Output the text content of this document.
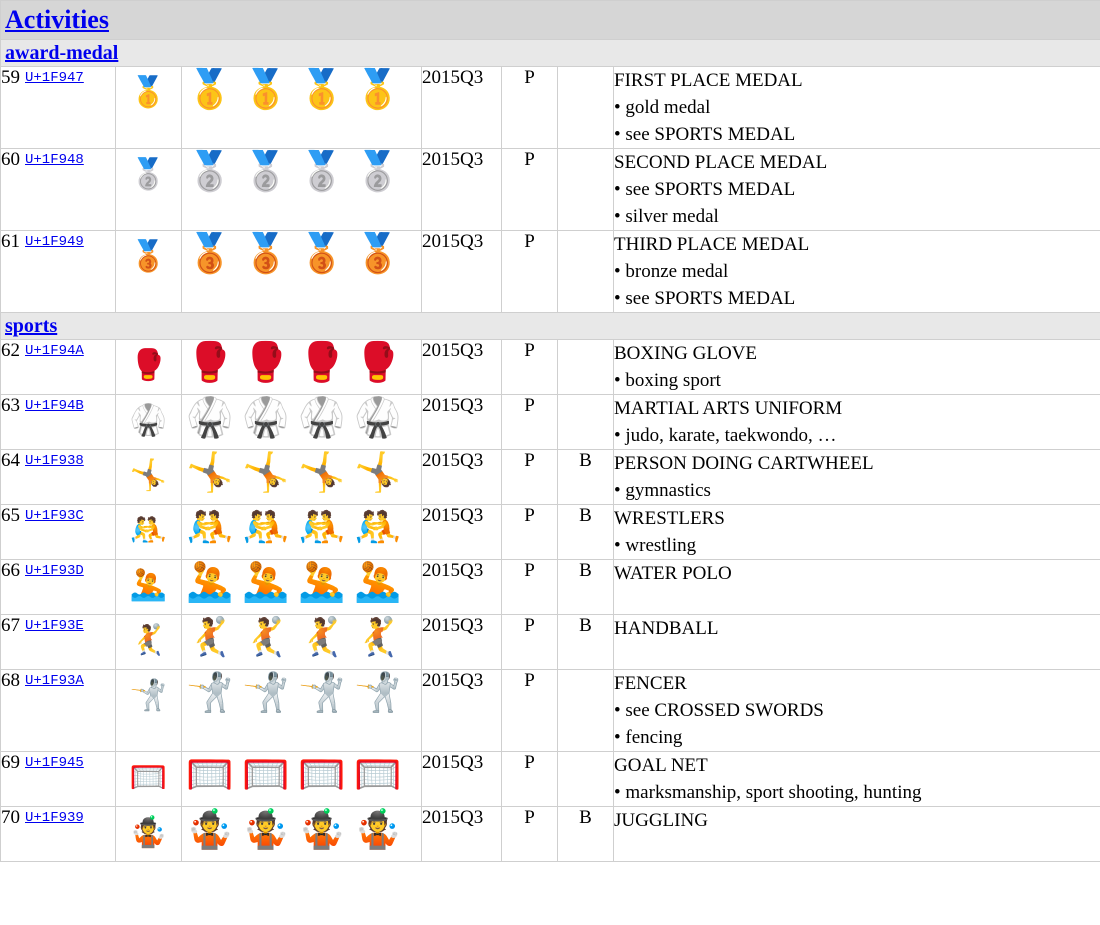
Activities						
award-medal						
59 U+1F947	🥇	🥇 🥇 🥇 🥇	2015Q3	P		FIRST PLACE MEDAL
• gold medal
• see SPORTS MEDAL

60 U+1F948	🥈	🥈 🥈 🥈 🥈	2015Q3	P		SECOND PLACE MEDAL
• see SPORTS MEDAL
• silver medal

61 U+1F949	🥉	🥉 🥉 🥉 🥉	2015Q3	P		THIRD PLACE MEDAL
• bronze medal
• see SPORTS MEDAL

sports						
62 U+1F94A	🥊	🥊 🥊 🥊 🥊	2015Q3	P		BOXING GLOVE
• boxing sport

63 U+1F94B	🥋	🥋 🥋 🥋 🥋	2015Q3	P		MARTIAL ARTS UNIFORM
• judo, karate, taekwondo, …

64 U+1F938	🤸	🤸 🤸 🤸 🤸	2015Q3	P	B	PERSON DOING CARTWHEEL
• gymnastics

65 U+1F93C	🤼	🤼 🤼 🤼 🤼	2015Q3	P	B	WRESTLERS
• wrestling

66 U+1F93D	🤽	🤽 🤽 🤽 🤽	2015Q3	P	B	WATER POLO

67 U+1F93E	🤾	🤾 🤾 🤾 🤾	2015Q3	P	B	HANDBALL

68 U+1F93A	🤺	🤺 🤺 🤺 🤺	2015Q3	P		FENCER
• see CROSSED SWORDS
• fencing

69 U+1F945	🥅	🥅 🥅 🥅 🥅	2015Q3	P		GOAL NET
• marksmanship, sport shooting, hunting

70 U+1F939	🤹	🤹 🤹 🤹 🤹	2015Q3	P	B	JUGGLING
